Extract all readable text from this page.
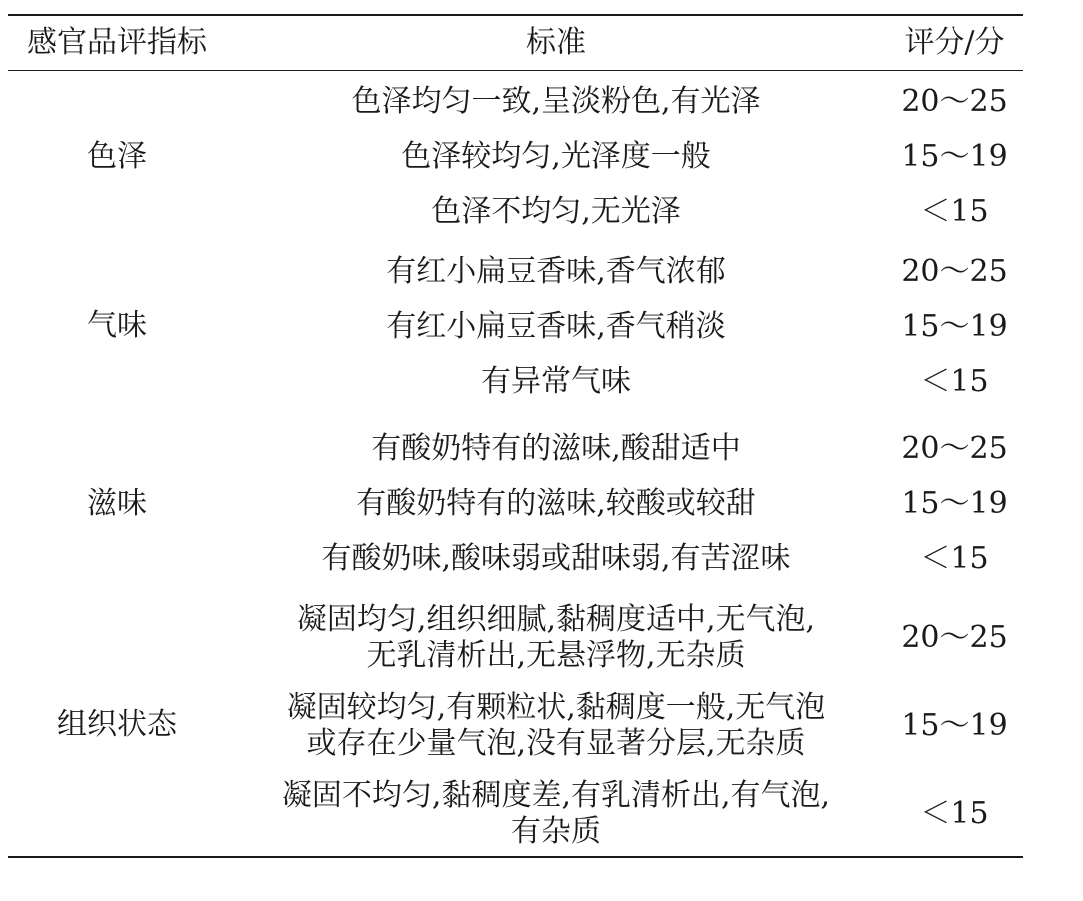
感官品评指标	标准	评分/分
色泽
色泽均匀一致,呈淡粉色,有光泽	20～25
色泽较均匀,光泽度一般	15～19
色泽不均匀,无光泽	＜15
气味
有红小扁豆香味,香气浓郁	20～25
有红小扁豆香味,香气稍淡	15～19
有异常气味	＜15
滋味
有酸奶特有的滋味,酸甜适中	20～25
有酸奶特有的滋味,较酸或较甜	15～19
有酸奶味,酸味弱或甜味弱,有苦涩味	＜15
组织状态
凝固均匀,组织细腻,黏稠度适中,无气泡,
无乳清析出,无悬浮物,无杂质
20～25
凝固较均匀,有颗粒状,黏稠度一般,无气泡
或存在少量气泡,没有显著分层,无杂质
15～19
凝固不均匀,黏稠度差,有乳清析出,有气泡,
有杂质
＜15
